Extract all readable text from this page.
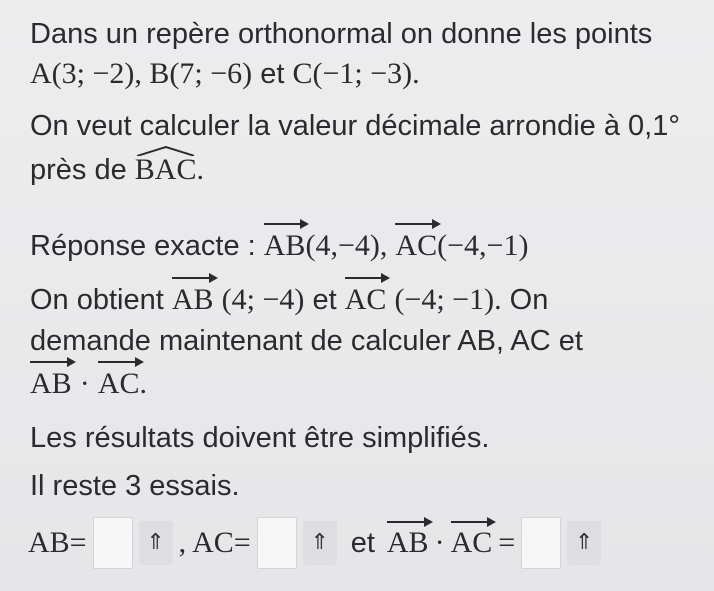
Dans un repère orthonormal on donne les points
A(3; −2), B(7; −6) et C(−1; −3).
On veut calculer la valeur décimale arrondie à 0,1°
près de BAC.
Réponse exacte : AB(4,−4), AC(−4,−1)
On obtient AB (4; −4) et AC (−4; −1). On
demande maintenant de calculer AB, AC et
AB · AC.
Les résultats doivent être simplifiés.
Il reste 3 essais.
AB=	⇑ , AC=	⇑ et AB · AC =	⇑
